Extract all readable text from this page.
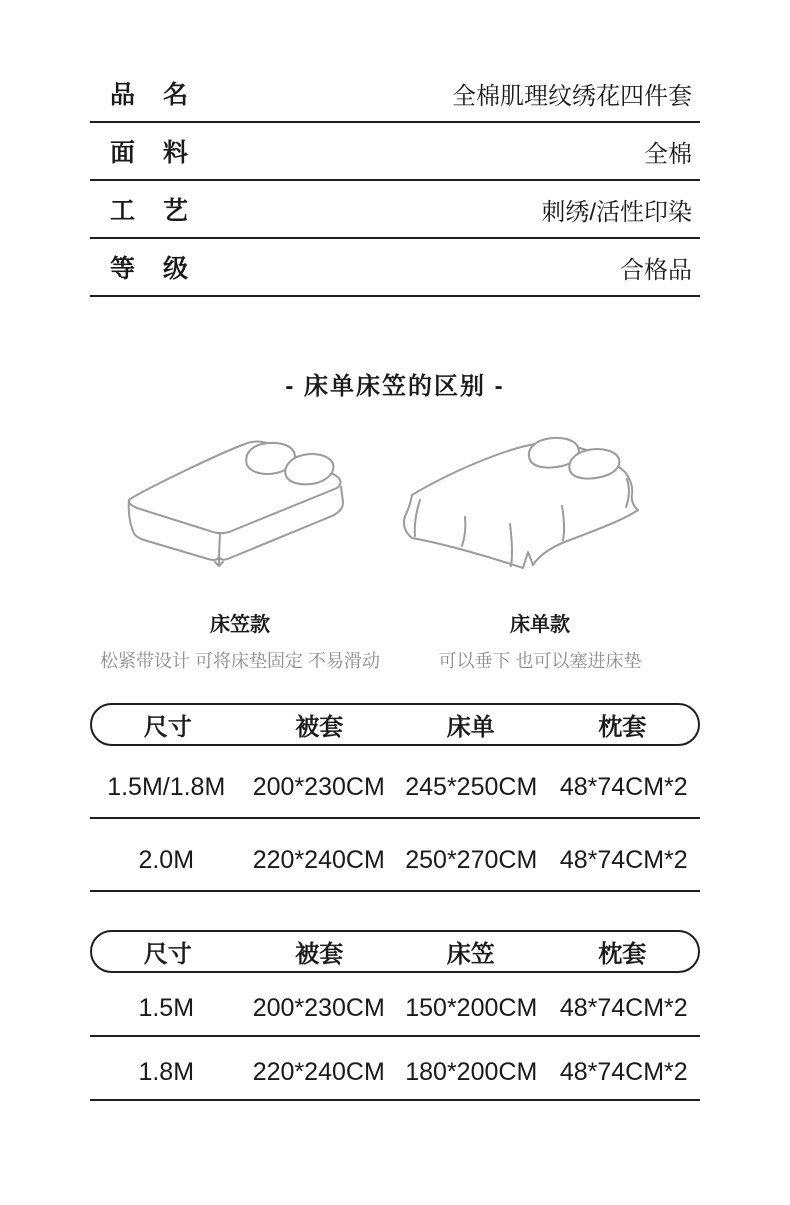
品 名	全棉肌理纹绣花四件套
面 料	全棉
工 艺	刺绣/活性印染
等 级	合格品
- 床单床笠的区别 -
床笠款
松紧带设计 可将床垫固定 不易滑动
床单款
可以垂下 也可以塞进床垫
尺寸	被套	床单	枕套
1.5M/1.8M	200*230CM 245*250CM 48*74CM*2
2.0M	220*240CM 250*270CM 48*74CM*2
尺寸	被套	床笠	枕套
1.5M	200*230CM 150*200CM 48*74CM*2
1.8M	220*240CM 180*200CM 48*74CM*2
